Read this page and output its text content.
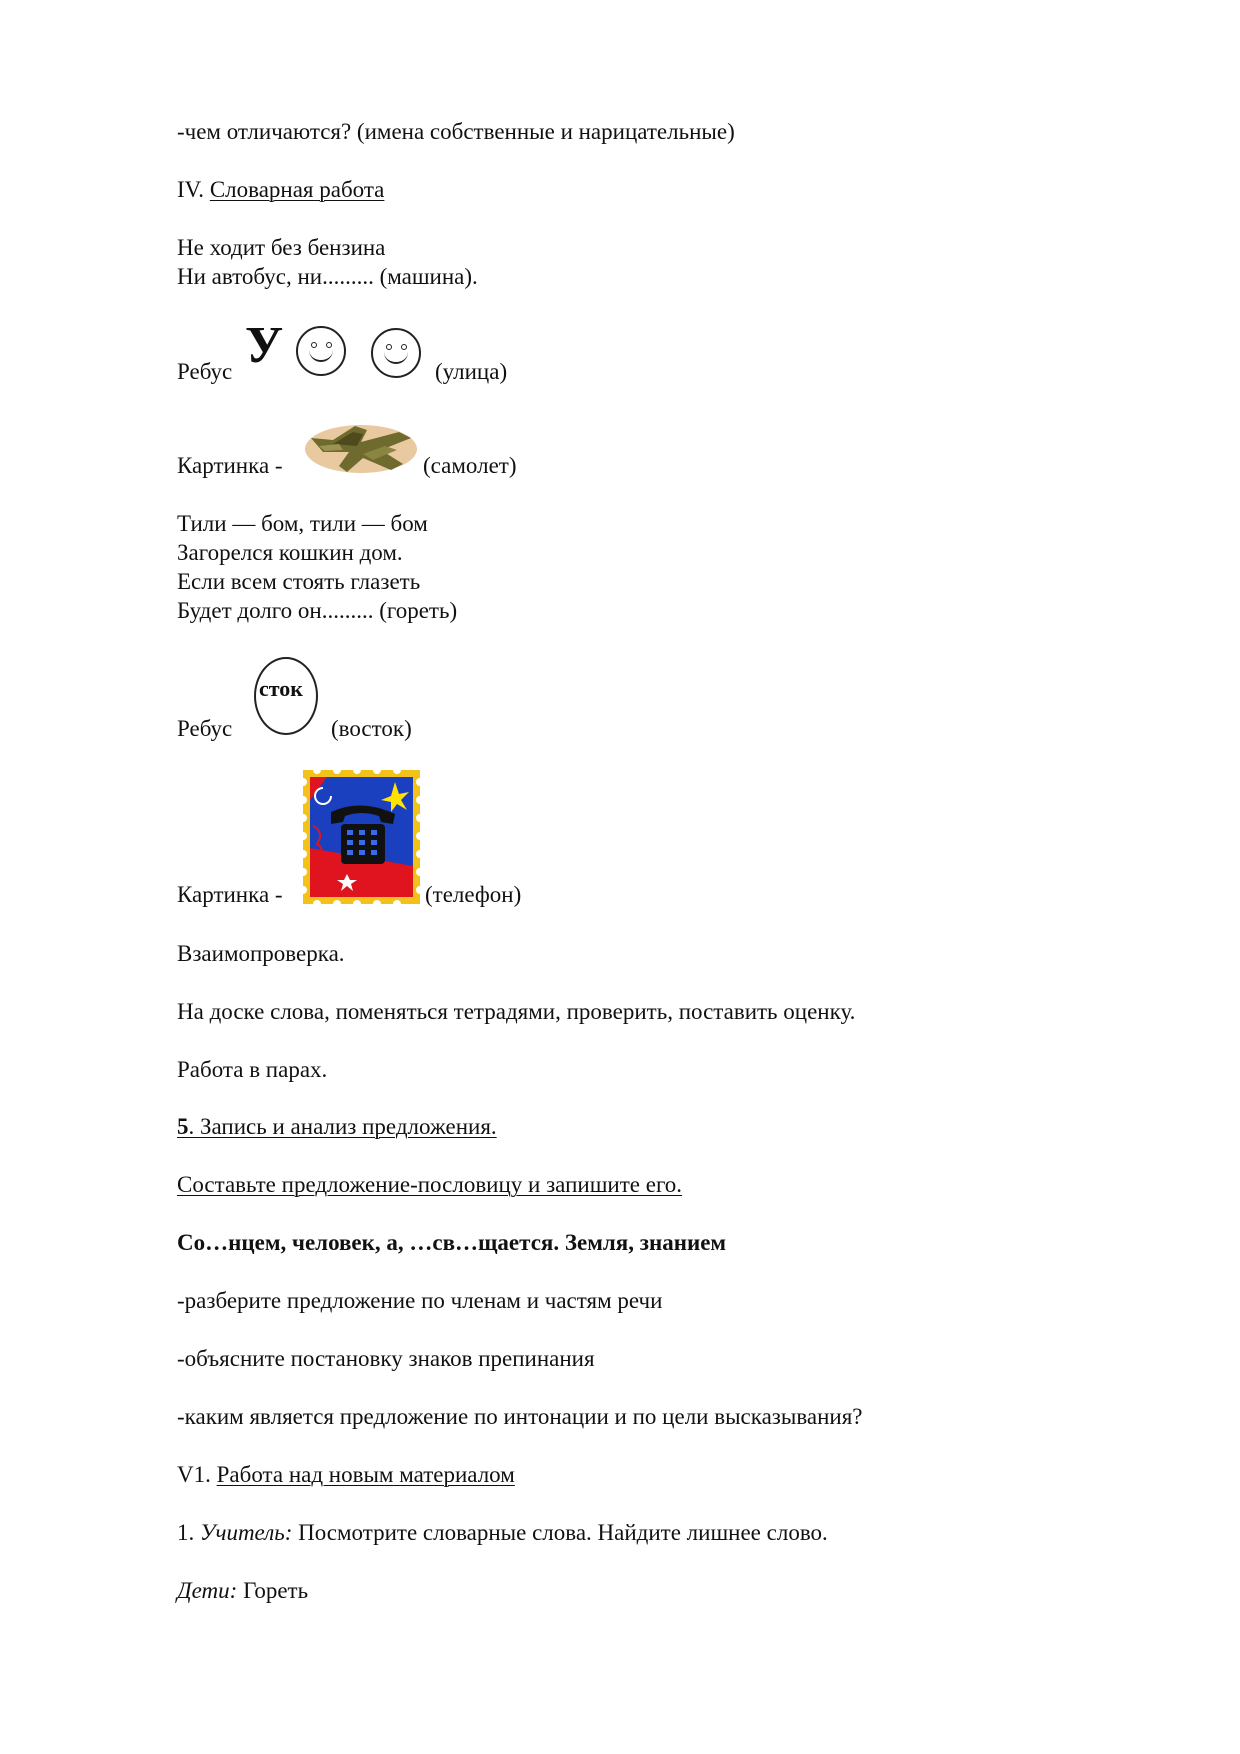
-чем отличаются? (имена собственные и нарицательные)
IV. Словарная работа
Не ходит без бензина
Ни автобус, ни......... (машина).
Ребус У	(улица)
Картинка -	(самолет)
Тили — бом, тили — бом
Загорелся кошкин дом.
Если всем стоять глазеть
Будет долго он......... (гореть)
Ребус
сток
(восток)
Картинка -	(телефон)
Взаимопроверка.
На доске слова, поменяться тетрадями, проверить, поставить оценку.
Работа в парах.
5. Запись и анализ предложения.
Составьте предложение-пословицу и запишите его.
Со…нцем, человек, а, …св…щается. Земля, знанием
-разберите предложение по членам и частям речи
-объясните постановку знаков препинания
-каким является предложение по интонации и по цели высказывания?
V1. Работа над новым материалом
1. Учитель: Посмотрите словарные слова. Найдите лишнее слово.
Дети: Гореть
